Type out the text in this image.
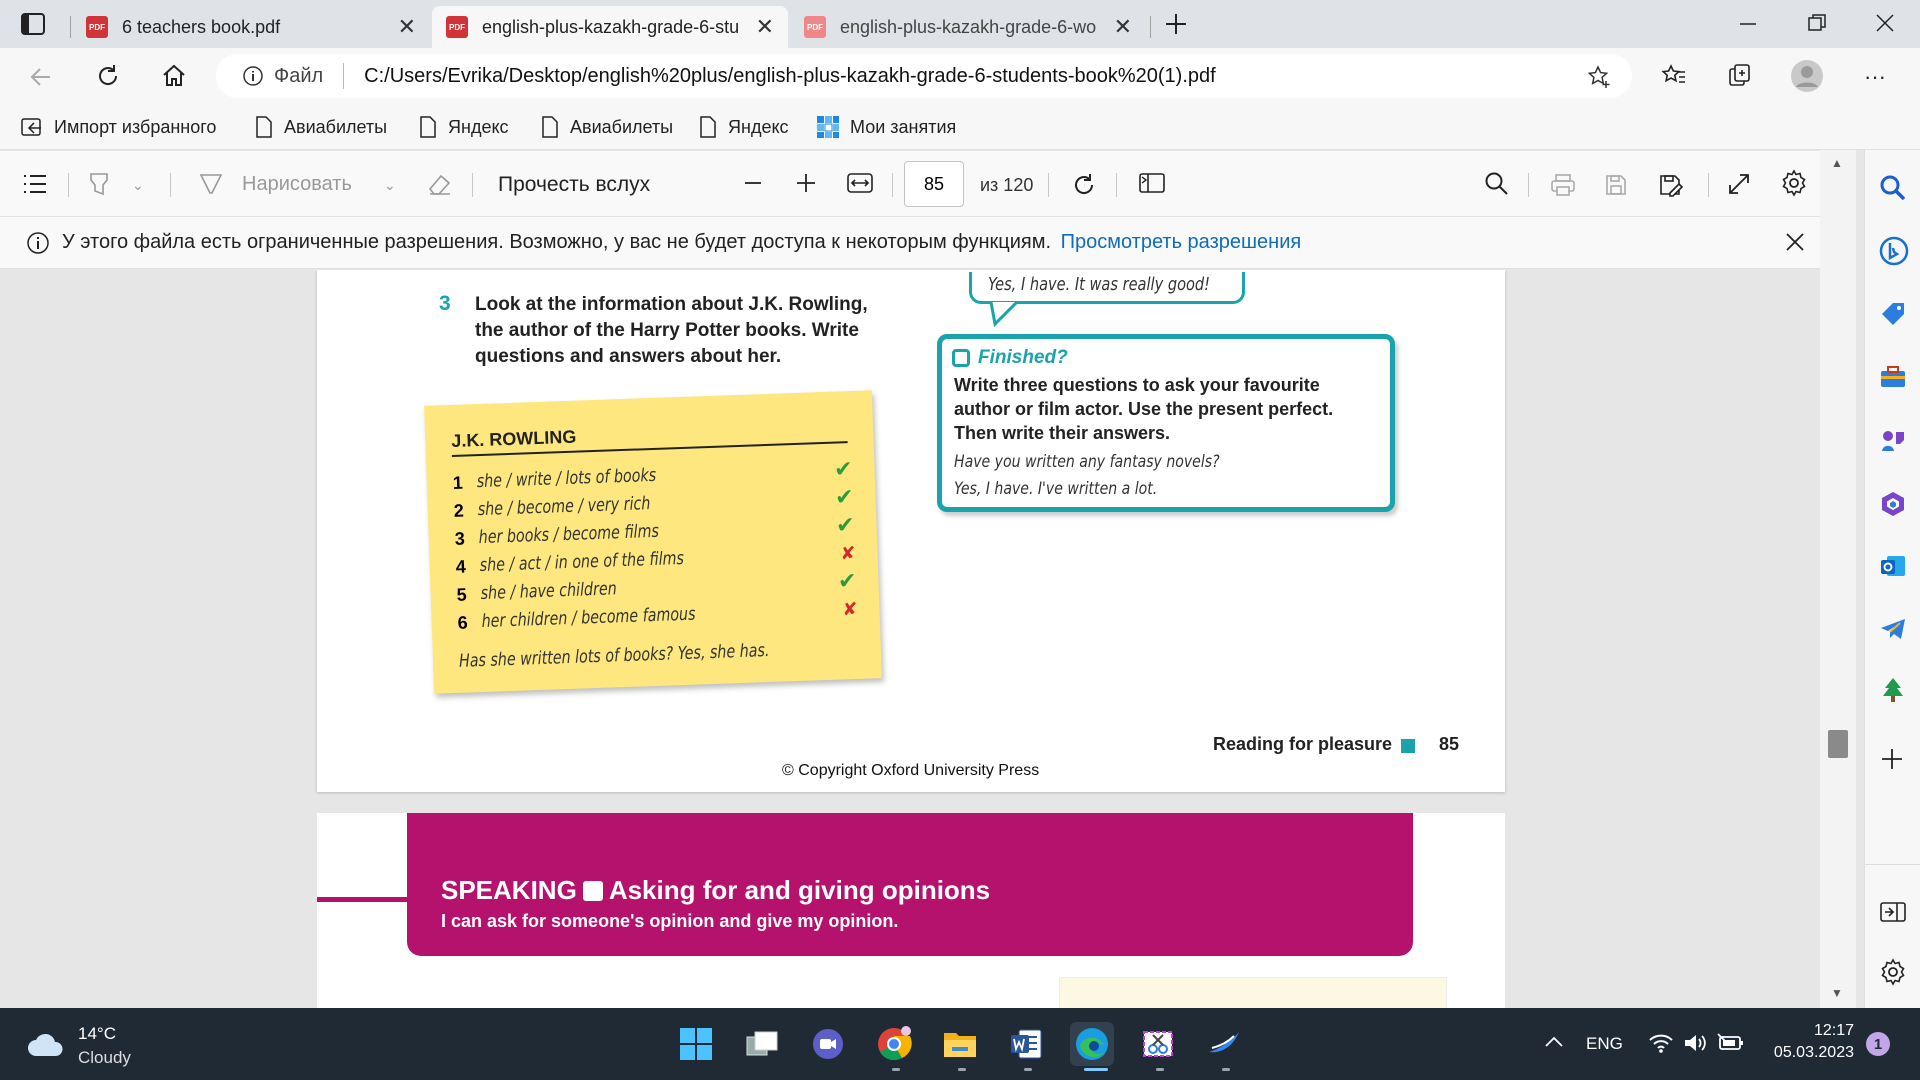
PDF 6 teachers book.pdf	✕	PDF english-plus-kazakh-grade-6-stu ✕	PDF english-plus-kazakh-grade-6-wo ✕
Файл C:/Users/Evrika/Desktop/english%20plus/english-plus-kazakh-grade-6-students-book%20(1).pdf	···
Импорт избранного	Авиабилеты	Яндекс	Авиабилеты	Яндекс	Мои занятия
⌄	Нарисовать ⌄	Прочесть вслух	85	из 120
У этого файла есть ограниченные разрешения. Возможно, у вас не будет доступа к некоторым функциям. Просмотреть разрешения
Yes, I have. It was really good!
3 Look at the information about J.K. Rowling,
the author of the Harry Potter books. Write
questions and answers about her.
J.K. ROWLING
1 she / write / lots of books	✔
2 she / become / very rich	✔
3 her books / become films	✔
4 she / act / in one of the films	✘
5 she / have children	✔
6 her children / become famous	✘
Has she written lots of books? Yes, she has.
Finished?
Write three questions to ask your favourite
author or film actor. Use the present perfect.
Then write their answers.
Have you written any fantasy novels?
Yes, I have. I've written a lot.
Reading for pleasure	85
© Copyright Oxford University Press
SPEAKING Asking for and giving opinions
I can ask for someone's opinion and give my opinion.
▲
▼
14°C
Cloudy
ENG
12:17
05.03.2023	1
